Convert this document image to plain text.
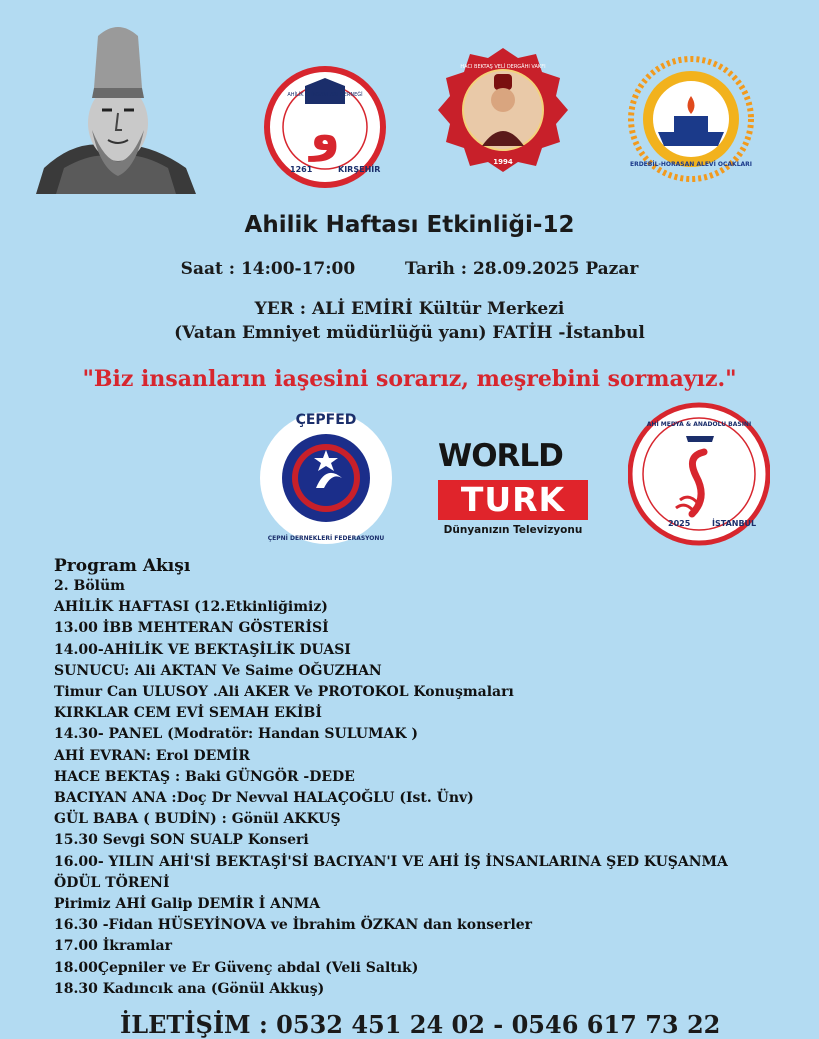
و
1261	KIRŞEHİR
AHİLİK İŞ İNSANLARI DERNEĞİ
1994
HACI BEKTAŞ VELİ DERGÂHI VAKFI
ERDEBİL-HORASAN ALEVİ OCAKLARI
Ahilik Haftası Etkinliği-12
Saat : 14:00-17:00	Tarih : 28.09.2025 Pazar
YER : ALİ EMİRİ Kültür Merkezi
(Vatan Emniyet müdürlüğü yanı) FATİH -İstanbul
"Biz insanların iaşesini sorarız, meşrebini sormayız."
ÇEPFED
ÇEPNİ DERNEKLERİ FEDERASYONU
WORLD
TURK
Dünyanızın Televizyonu
2025	İSTANBUL
AHİ MEDYA & ANADOLU BASINI
Program Akışı
2. Bölüm
AHİLİK HAFTASI (12.Etkinliğimiz)
13.00 İBB MEHTERAN GÖSTERİSİ
14.00-AHİLİK VE BEKTAŞİLİK DUASI
SUNUCU: Ali AKTAN Ve Saime OĞUZHAN
Timur Can ULUSOY .Ali AKER Ve PROTOKOL Konuşmaları
KIRKLAR CEM EVİ SEMAH EKİBİ
14.30- PANEL (Modratör: Handan SULUMAK )
AHİ EVRAN: Erol DEMİR
HACE BEKTAŞ : Baki GÜNGÖR -DEDE
BACIYAN ANA :Doç Dr Nevval HALAÇOĞLU (Ist. Ünv)
GÜL BABA ( BUDİN) : Gönül AKKUŞ
15.30 Sevgi SON SUALP Konseri
16.00- YILIN AHİ'Sİ BEKTAŞİ'Sİ BACIYAN'I VE AHİ İŞ İNSANLARINA ŞED KUŞANMA
ÖDÜL TÖRENİ
Pirimiz AHİ Galip DEMİR İ ANMA
16.30 -Fidan HÜSEYİNOVA ve İbrahim ÖZKAN dan konserler
17.00 İkramlar
18.00Çepniler ve Er Güvenç abdal (Veli Saltık)
18.30 Kadıncık ana (Gönül Akkuş)
İLETİŞİM : 0532 451 24 02 - 0546 617 73 22
